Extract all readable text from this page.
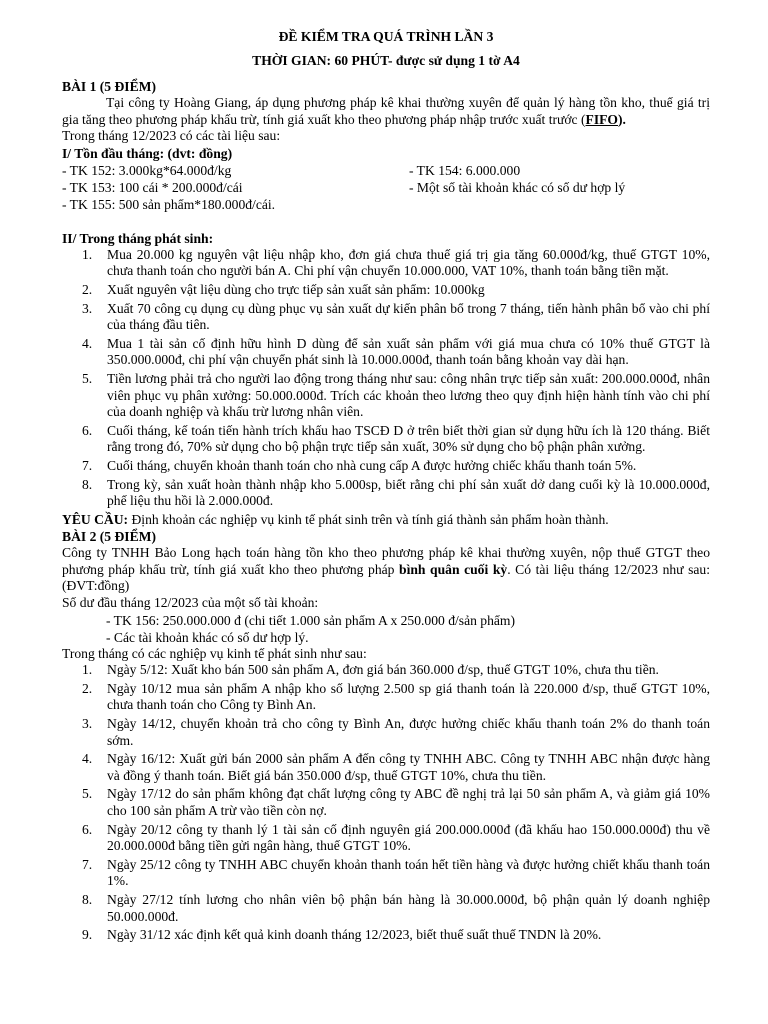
ĐỀ KIỂM TRA QUÁ TRÌNH LẦN 3
THỜI GIAN: 60 PHÚT- được sử dụng 1 tờ A4
BÀI 1 (5 ĐIỂM)

Tại công ty Hoàng Giang, áp dụng phương pháp kê khai thường xuyên để quản lý hàng tồn kho, thuế giá trị gia tăng theo phương pháp khấu trừ, tính giá xuất kho theo phương pháp nhập trước xuất trước (FIFO).

Trong tháng 12/2023 có các tài liệu sau:

I/ Tồn đầu tháng: (dvt: đồng)
- TK 152: 3.000kg*64.000đ/kg
- TK 153: 100 cái * 200.000đ/cái
- TK 155: 500 sản phẩm*180.000đ/cái.
- TK 154: 6.000.000
- Một số tài khoản khác có số dư hợp lý
II/ Trong tháng phát sinh:
1. Mua 20.000 kg nguyên vật liệu nhập kho, đơn giá chưa thuế giá trị gia tăng 60.000đ/kg, thuế GTGT 10%, chưa thanh toán cho người bán A. Chi phí vận chuyển 10.000.000, VAT 10%, thanh toán bằng tiền mặt.
2. Xuất nguyên vật liệu dùng cho trực tiếp sản xuất sản phẩm: 10.000kg
3. Xuất 70 công cụ dụng cụ dùng phục vụ sản xuất dự kiến phân bổ trong 7 tháng, tiến hành phân bổ vào chi phí của tháng đầu tiên.
4. Mua 1 tài sản cố định hữu hình D dùng để sản xuất sản phẩm với giá mua chưa có 10% thuế GTGT là 350.000.000đ, chi phí vận chuyển phát sinh là 10.000.000đ, thanh toán bằng khoản vay dài hạn.
5. Tiền lương phải trả cho người lao động trong tháng như sau: công nhân trực tiếp sản xuất: 200.000.000đ, nhân viên phục vụ phân xưởng: 50.000.000đ. Trích các khoản theo lương theo quy định hiện hành tính vào chi phí của doanh nghiệp và khấu trừ lương nhân viên.
6. Cuối tháng, kế toán tiến hành trích khấu hao TSCĐ D ở trên biết thời gian sử dụng hữu ích là 120 tháng. Biết rằng trong đó, 70% sử dụng cho bộ phận trực tiếp sản xuất, 30% sử dụng cho bộ phận phân xưởng.
7. Cuối tháng, chuyển khoản thanh toán cho nhà cung cấp A được hưởng chiếc khấu thanh toán 5%.
8. Trong kỳ, sản xuất hoàn thành nhập kho 5.000sp, biết rằng chi phí sản xuất dở dang cuối kỳ là 10.000.000đ, phế liệu thu hồi là 2.000.000đ.

YÊU CẦU: Định khoản các nghiệp vụ kinh tế phát sinh trên và tính giá thành sản phẩm hoàn thành.

BÀI 2 (5 ĐIỂM)

Công ty TNHH Bảo Long hạch toán hàng tồn kho theo phương pháp kê khai thường xuyên, nộp thuế GTGT theo phương pháp khấu trừ, tính giá xuất kho theo phương pháp bình quân cuối kỳ. Có tài liệu tháng 12/2023 như sau: (ĐVT:đồng)

Số dư đầu tháng 12/2023 của một số tài khoản:

- TK 156: 250.000.000 đ (chi tiết 1.000 sản phẩm A x 250.000 đ/sản phẩm)
- Các tài khoản khác có số dư hợp lý.

Trong tháng có các nghiệp vụ kinh tế phát sinh như sau:

1. Ngày 5/12: Xuất kho bán 500 sản phẩm A, đơn giá bán 360.000 đ/sp, thuế GTGT 10%, chưa thu tiền.
2. Ngày 10/12 mua sản phẩm A nhập kho số lượng 2.500 sp giá thanh toán là 220.000 đ/sp, thuế GTGT 10%, chưa thanh toán cho Công ty Bình An.
3. Ngày 14/12, chuyển khoản trả cho công ty Bình An, được hưởng chiếc khấu thanh toán 2% do thanh toán sớm.
4. Ngày 16/12: Xuất gửi bán 2000 sản phẩm A đến công ty TNHH ABC. Công ty TNHH ABC nhận được hàng và đồng ý thanh toán. Biết giá bán 350.000 đ/sp, thuế GTGT 10%, chưa thu tiền.
5. Ngày 17/12 do sản phẩm không đạt chất lượng công ty ABC đề nghị trả lại 50 sản phẩm A, và giảm giá 10% cho 100 sản phẩm A trừ vào tiền còn nợ.
6. Ngày 20/12 công ty thanh lý 1 tài sản cố định nguyên giá 200.000.000đ (đã khấu hao 150.000.000đ) thu về 20.000.000đ bằng tiền gửi ngân hàng, thuế GTGT 10%.
7. Ngày 25/12 công ty TNHH ABC chuyển khoản thanh toán hết tiền hàng và được hưởng chiết khấu thanh toán 1%.
8. Ngày 27/12 tính lương cho nhân viên bộ phận bán hàng là 30.000.000đ, bộ phận quản lý doanh nghiệp 50.000.000đ.
9. Ngày 31/12 xác định kết quả kinh doanh tháng 12/2023, biết thuế suất thuế TNDN là 20%.
